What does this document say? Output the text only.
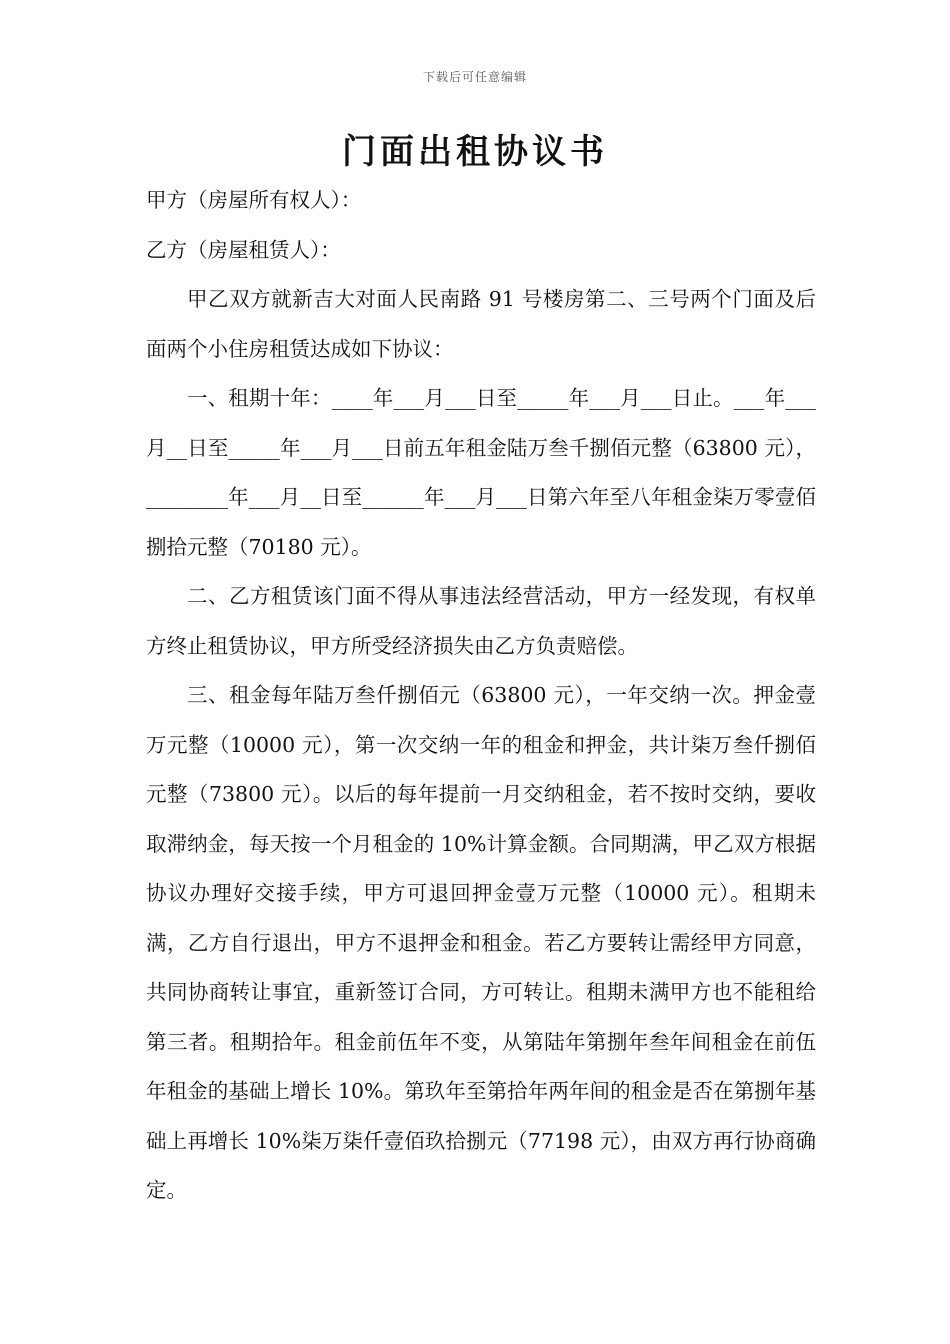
下载后可任意编辑
门面出租协议书

甲方（房屋所有权人）：

乙方（房屋租赁人）：

甲乙双方就新吉大对面人民南路 91 号楼房第二、三号两个门面及后面两个小住房租赁达成如下协议：

一、租期十年：____年___月___日至_____年___月___日止。___年___月__日至_____年___月___日前五年租金陆万叁千捌佰元整（63800 元），________年___月__日至______年___月___日第六年至八年租金柒万零壹佰捌拾元整（70180 元）。

二、乙方租赁该门面不得从事违法经营活动，甲方一经发现，有权单方终止租赁协议，甲方所受经济损失由乙方负责赔偿。

三、租金每年陆万叁仟捌佰元（63800 元），一年交纳一次。押金壹万元整（10000 元），第一次交纳一年的租金和押金，共计柒万叁仟捌佰元整（73800 元）。以后的每年提前一月交纳租金，若不按时交纳，要收取滞纳金，每天按一个月租金的 10%计算金额。合同期满，甲乙双方根据协议办理好交接手续，甲方可退回押金壹万元整（10000 元）。租期未满，乙方自行退出，甲方不退押金和租金。若乙方要转让需经甲方同意，共同协商转让事宜，重新签订合同，方可转让。租期未满甲方也不能租给第三者。租期拾年。租金前伍年不变，从第陆年第捌年叁年间租金在前伍年租金的基础上增长 10%。第玖年至第拾年两年间的租金是否在第捌年基础上再增长 10%柒万柒仟壹佰玖拾捌元（77198 元），由双方再行协商确定。
